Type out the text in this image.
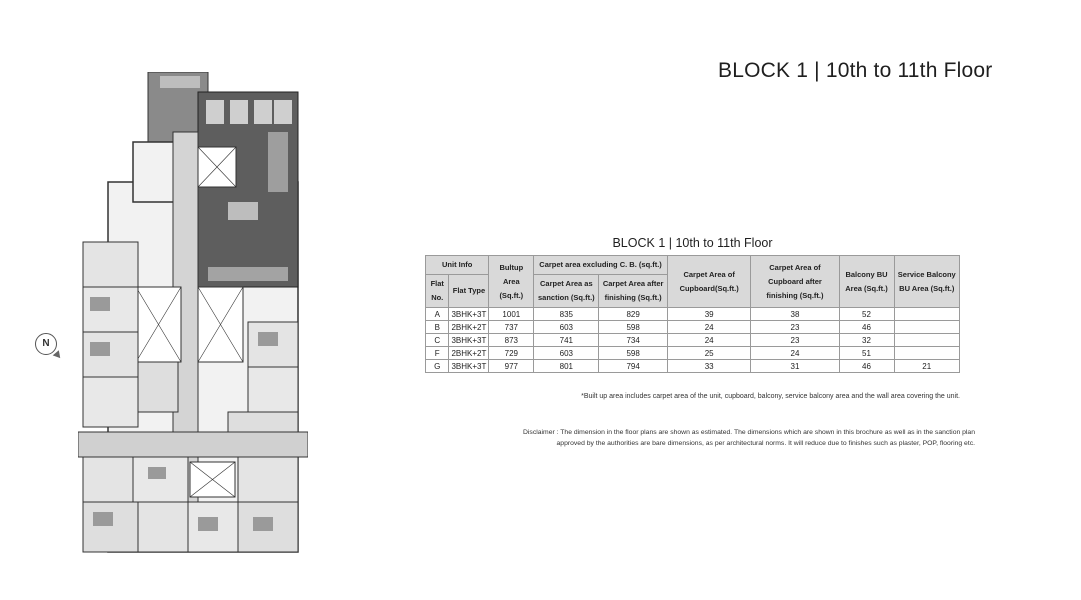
BLOCK 1 | 10th to 11th Floor
N
BLOCK 1 | 10th to 11th Floor
Unit Info		Bultup Area (Sq.ft.)	Carpet area excluding C. B. (sq.ft.)		Carpet Area of Cupboard(Sq.ft.)	Carpet Area of Cupboard after finishing (Sq.ft.)	Balcony BU Area (Sq.ft.)	Service Balcony BU Area (Sq.ft.)
Flat No.	Flat Type		Carpet Area as sanction (Sq.ft.)	Carpet Area after finishing (Sq.ft.)				
A	3BHK+3T	1001	835	829	39	38	52	
B	2BHK+2T	737	603	598	24	23	46	
C	3BHK+3T	873	741	734	24	23	32	
F	2BHK+2T	729	603	598	25	24	51	
G	3BHK+3T	977	801	794	33	31	46	21
*Built up area includes carpet area of the unit, cupboard, balcony, service balcony area and the wall area covering the unit.
Disclaimer : The dimension in the floor plans are shown as estimated. The dimensions which are shown in this brochure as well as in the sanction plan
approved by the authorities are bare dimensions, as per architectural norms. It will reduce due to finishes such as plaster, POP, flooring etc.
